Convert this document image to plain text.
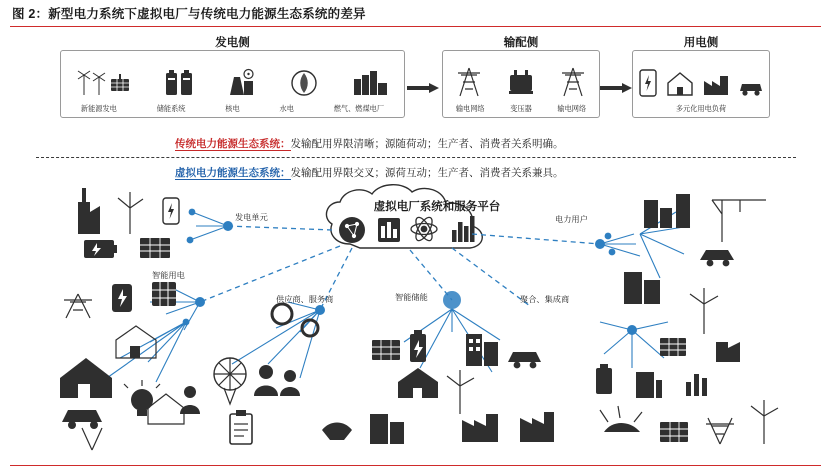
图 2：新型电力系统下虚拟电厂与传统电力能源生态系统的差异
发电侧
新能源发电	储能系统	核电	水电	燃气、燃煤电厂
输配侧
输电网络	变压器	输电网络
用电侧
多元化用电负荷
传统电力能源生态系统：发输配用界限清晰；源随荷动；生产者、消费者关系明确。
虚拟电力能源生态系统：发输配用界限交叉；源荷互动；生产者、消费者关系兼具。
虚拟电厂系统和服务平台
发电单元	电力用户
智能用电
供应商、服务商	智能储能	聚合、集成商
